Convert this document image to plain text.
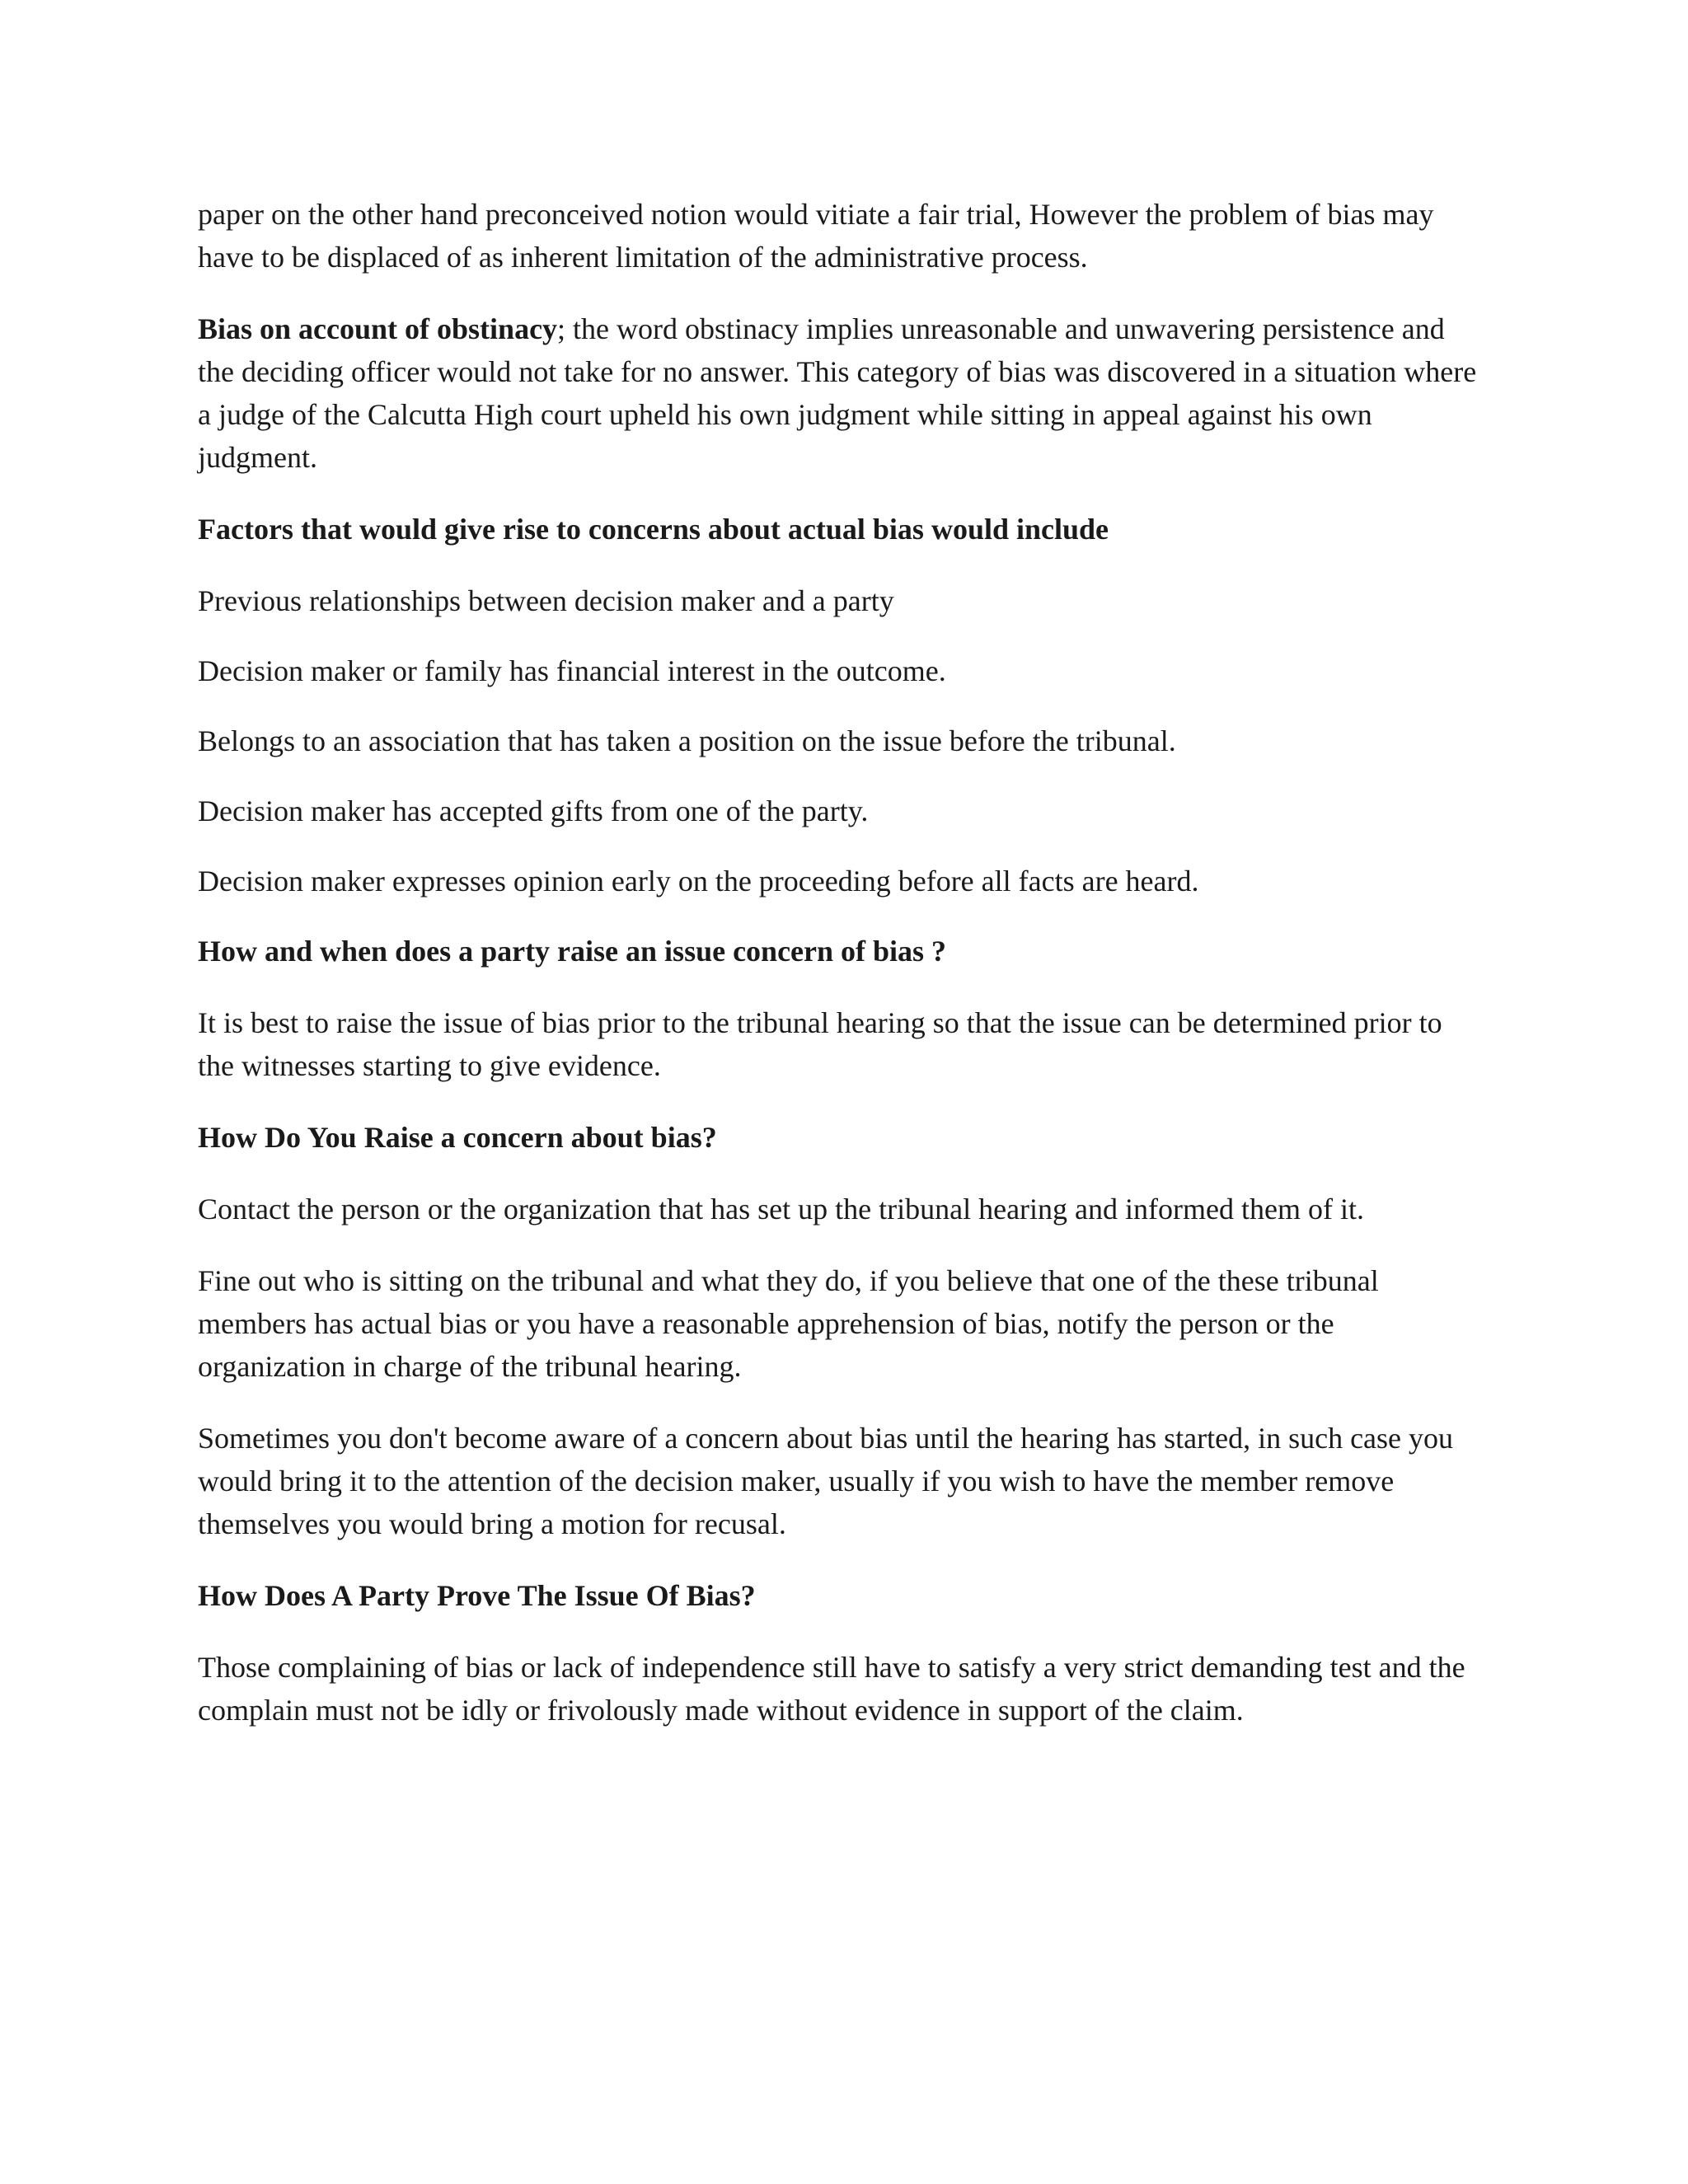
paper on the other hand preconceived notion would vitiate a fair trial, However the problem of bias may have to be displaced of as inherent limitation of the administrative process.

Bias on account of obstinacy; the word obstinacy implies unreasonable and unwavering persistence and the deciding officer would not take for no answer. This category of bias was discovered in a situation where a judge of the Calcutta High court upheld his own judgment while sitting in appeal against his own judgment.

Factors that would give rise to concerns about actual bias would include

Previous relationships between decision maker and a party

Decision maker or family has financial interest in the outcome.

Belongs to an association that has taken a position on the issue before the tribunal.

Decision maker has accepted gifts from one of the party.

Decision maker expresses opinion early on the proceeding before all facts are heard.

How and when does a party raise an issue concern of bias ?

It is best to raise the issue of bias prior to the tribunal hearing so that the issue can be determined prior to the witnesses starting to give evidence.

How Do You Raise a concern about bias?

Contact the person or the organization that has set up the tribunal hearing and informed them of it.

Fine out who is sitting on the tribunal and what they do, if you believe that one of the these tribunal members has actual bias or you have a reasonable apprehension of bias, notify the person or the organization in charge of the tribunal hearing.

Sometimes you don't become aware of a concern about bias until the hearing has started, in such case you would bring it to the attention of the decision maker, usually if you wish to have the member remove themselves you would bring a motion for recusal.

How Does A Party Prove The Issue Of Bias?

Those complaining of bias or lack of independence still have to satisfy a very strict demanding test and the complain must not be idly or frivolously made without evidence in support of the claim.
